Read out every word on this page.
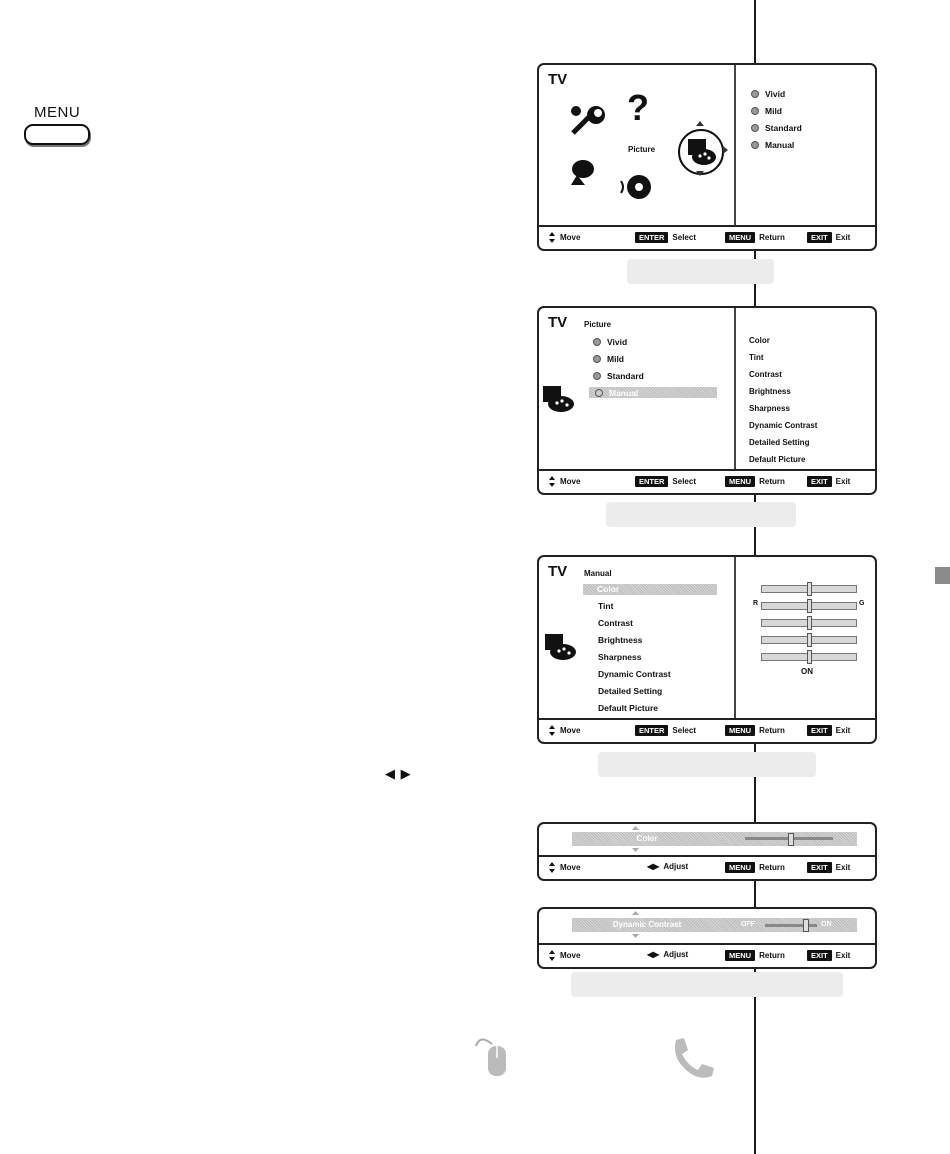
MENU
◀ ▶
TV
?
Picture
Vivid
Mild
Standard
Manual
Move	ENTER	Select	MENU	Return	EXIT	Exit
TV Picture
Vivid
Mild
Standard
Manual
Color
Tint
Contrast
Brightness
Sharpness
Dynamic Contrast
Detailed Setting
Default Picture
Move	ENTER	Select	MENU	Return	EXIT	Exit
TV Manual
Color
Tint
Contrast
Brightness
Sharpness
Dynamic Contrast
Detailed Setting
Default Picture
R	G
ON
Move	ENTER	Select	MENU	Return	EXIT	Exit
Color
Move	◀▶ Adjust	MENU	Return	EXIT	Exit
Dynamic Contrast	OFF	ON
Move	◀▶ Adjust	MENU	Return	EXIT	Exit
